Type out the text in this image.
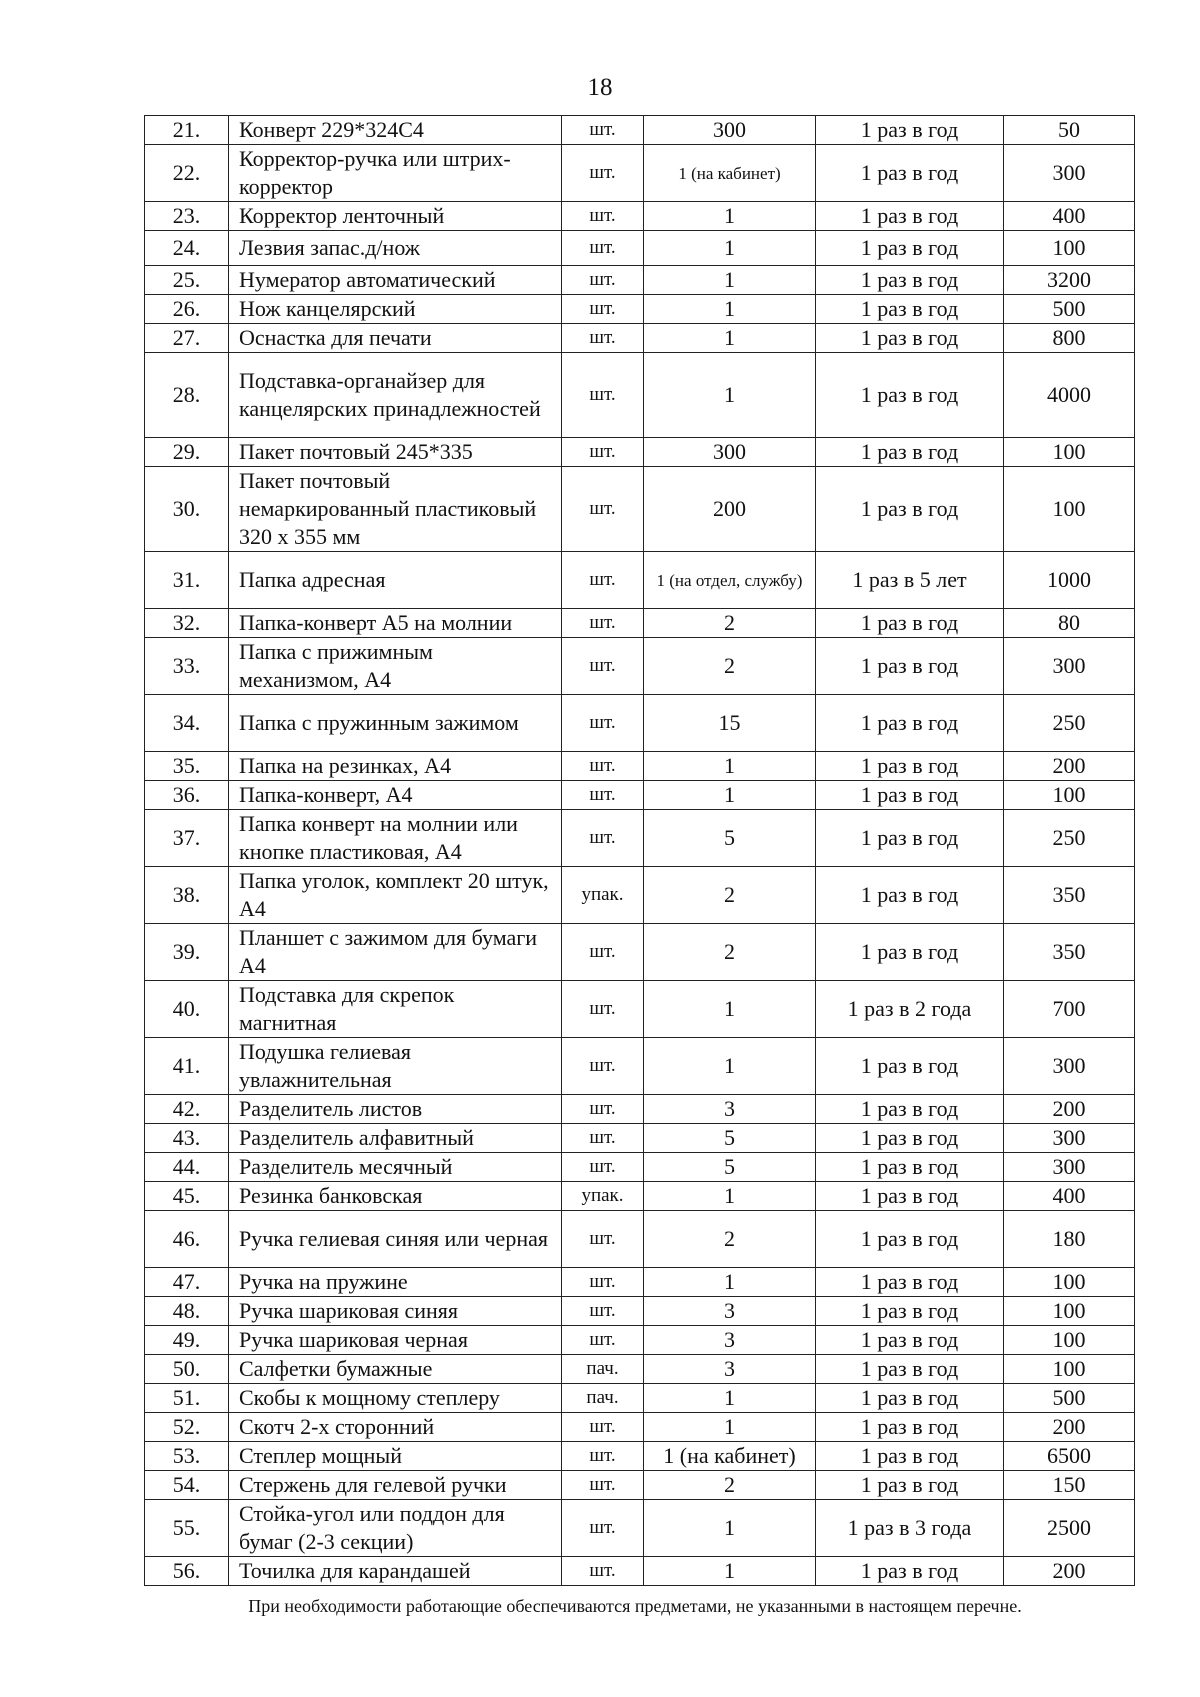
18
21.	Конверт 229*324C4	шт.	300	1 раз в год	50
22.	Корректор-ручка или штрих-корректор	шт.	1 (на кабинет)	1 раз в год	300
23.	Корректор ленточный	шт.	1	1 раз в год	400
24.	Лезвия запас.д/нож	шт.	1	1 раз в год	100
25.	Нумератор автоматический	шт.	1	1 раз в год	3200
26.	Нож канцелярский	шт.	1	1 раз в год	500
27.	Оснастка для печати	шт.	1	1 раз в год	800
28.	Подставка-органайзер для канцелярских принадлежностей	шт.	1	1 раз в год	4000
29.	Пакет почтовый 245*335	шт.	300	1 раз в год	100
30.	Пакет почтовый немаркированный пластиковый 320 х 355 мм	шт.	200	1 раз в год	100
31.	Папка адресная	шт.	1 (на отдел, службу)	1 раз в 5 лет	1000
32.	Папка-конверт А5 на молнии	шт.	2	1 раз в год	80
33.	Папка с прижимным механизмом, А4	шт.	2	1 раз в год	300
34.	Папка с пружинным зажимом	шт.	15	1 раз в год	250
35.	Папка на резинках, А4	шт.	1	1 раз в год	200
36.	Папка-конверт, А4	шт.	1	1 раз в год	100
37.	Папка конверт на молнии или кнопке пластиковая, А4	шт.	5	1 раз в год	250
38.	Папка уголок, комплект 20 штук, А4	упак.	2	1 раз в год	350
39.	Планшет с зажимом для бумаги А4	шт.	2	1 раз в год	350
40.	Подставка для скрепок магнитная	шт.	1	1 раз в 2 года	700
41.	Подушка гелиевая увлажнительная	шт.	1	1 раз в год	300
42.	Разделитель листов	шт.	3	1 раз в год	200
43.	Разделитель алфавитный	шт.	5	1 раз в год	300
44.	Разделитель месячный	шт.	5	1 раз в год	300
45.	Резинка банковская	упак.	1	1 раз в год	400
46.	Ручка гелиевая синяя или черная	шт.	2	1 раз в год	180
47.	Ручка на пружине	шт.	1	1 раз в год	100
48.	Ручка шариковая синяя	шт.	3	1 раз в год	100
49.	Ручка шариковая черная	шт.	3	1 раз в год	100
50.	Салфетки бумажные	пач.	3	1 раз в год	100
51.	Скобы к мощному степлеру	пач.	1	1 раз в год	500
52.	Скотч 2-х сторонний	шт.	1	1 раз в год	200
53.	Степлер мощный	шт.	1 (на кабинет)	1 раз в год	6500
54.	Стержень для гелевой ручки	шт.	2	1 раз в год	150
55.	Стойка-угол или поддон для бумаг (2-3 секции)	шт.	1	1 раз в 3 года	2500
56.	Точилка для карандашей	шт.	1	1 раз в год	200
При необходимости работающие обеспечиваются предметами, не указанными в настоящем перечне.
